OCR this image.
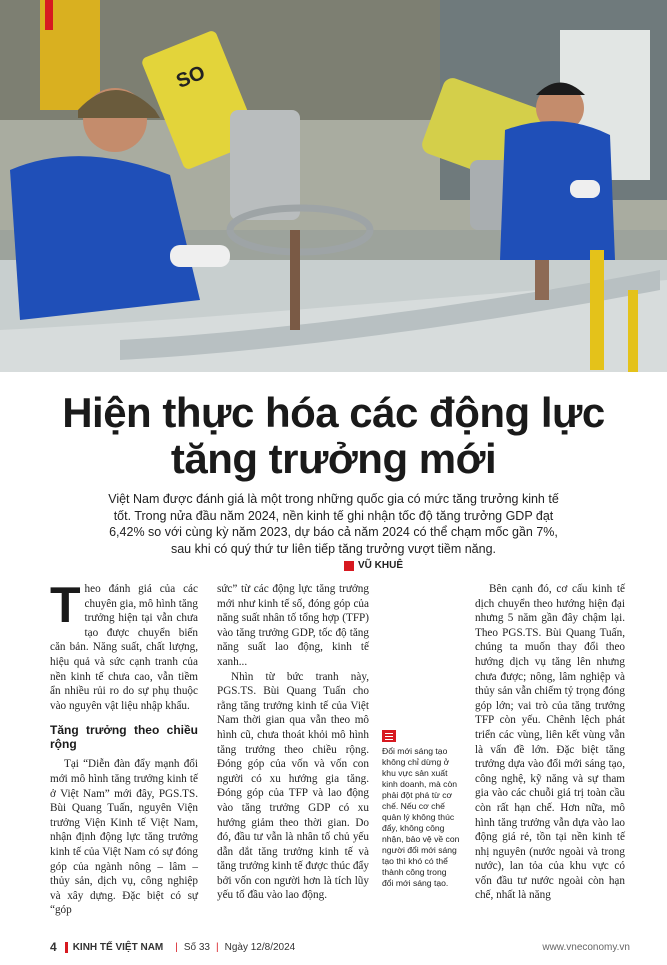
SO
Hiện thực hóa các động lực
tăng trưởng mới
Việt Nam được đánh giá là một trong những quốc gia có mức tăng trưởng kinh tế tốt. Trong nửa đầu năm 2024, nền kinh tế ghi nhận tốc độ tăng trưởng GDP đạt 6,42% so với cùng kỳ năm 2023, dự báo cả năm 2024 có thể chạm mốc gần 7%, sau khi có quý thứ tư liên tiếp tăng trưởng vượt tiềm năng.
VŨ KHUÊ

T heo đánh giá của các chuyên gia, mô hình tăng trưởng hiện tại vẫn chưa tạo được chuyển biến căn bản. Năng suất, chất lượng, hiệu quả và sức cạnh tranh của nền kinh tế chưa cao, vẫn tiềm ẩn nhiều rủi ro do sự phụ thuộc vào nguyên vật liệu nhập khẩu.

Tăng trưởng theo chiều rộng

Tại “Diễn đàn đẩy mạnh đổi mới mô hình tăng trưởng kinh tế ở Việt Nam” mới đây, PGS.TS. Bùi Quang Tuấn, nguyên Viện trưởng Viện Kinh tế Việt Nam, nhận định động lực tăng trưởng kinh tế của Việt Nam có sự đóng góp của ngành nông – lâm – thủy sản, dịch vụ, công nghiệp và xây dựng. Đặc biệt có sự “góp

sức” từ các động lực tăng trưởng mới như kinh tế số, đóng góp của năng suất nhân tố tổng hợp (TFP) vào tăng trưởng GDP, tốc độ tăng năng suất lao động, kinh tế xanh...

Nhìn từ bức tranh này, PGS.TS. Bùi Quang Tuấn cho rằng tăng trưởng kinh tế của Việt Nam thời gian qua vẫn theo mô hình cũ, chưa thoát khỏi mô hình tăng trưởng theo chiều rộng. Đóng góp của vốn và vốn con người có xu hướng gia tăng. Đóng góp của TFP và lao động vào tăng trưởng GDP có xu hướng giảm theo thời gian. Do đó, đầu tư vẫn là nhân tố chủ yếu dẫn dắt tăng trưởng kinh tế và tăng trưởng kinh tế được thúc đẩy bởi vốn con người hơn là tích lũy yếu tố đầu vào lao động.

Đổi mới sáng tạo không chỉ dừng ở khu vực sản xuất kinh doanh, mà còn phải đột phá từ cơ chế. Nếu cơ chế quản lý không thúc đẩy, không công nhận, bảo vệ về con người đổi mới sáng tạo thì khó có thể thành công trong đổi mới sáng tạo.

Bên cạnh đó, cơ cấu kinh tế dịch chuyển theo hướng hiện đại nhưng 5 năm gần đây chậm lại. Theo PGS.TS. Bùi Quang Tuấn, chúng ta muốn thay đổi theo hướng dịch vụ tăng lên nhưng chưa được; nông, lâm nghiệp và thủy sản vẫn chiếm tỷ trọng đóng góp lớn; vai trò của tăng trưởng TFP còn yếu. Chênh lệch phát triển các vùng, liên kết vùng vẫn là vấn đề lớn. Đặc biệt tăng trưởng dựa vào đổi mới sáng tạo, công nghệ, kỹ năng và sự tham gia vào các chuỗi giá trị toàn cầu còn rất hạn chế. Hơn nữa, mô hình tăng trưởng vẫn dựa vào lao động giá rẻ, tồn tại nền kinh tế nhị nguyên (nước ngoài và trong nước), lan tỏa của khu vực có vốn đầu tư nước ngoài còn hạn chế, nhất là năng

4 KINH TẾ VIỆT NAM | Số 33 | Ngày 12/8/2024	www.vneconomy.vn
